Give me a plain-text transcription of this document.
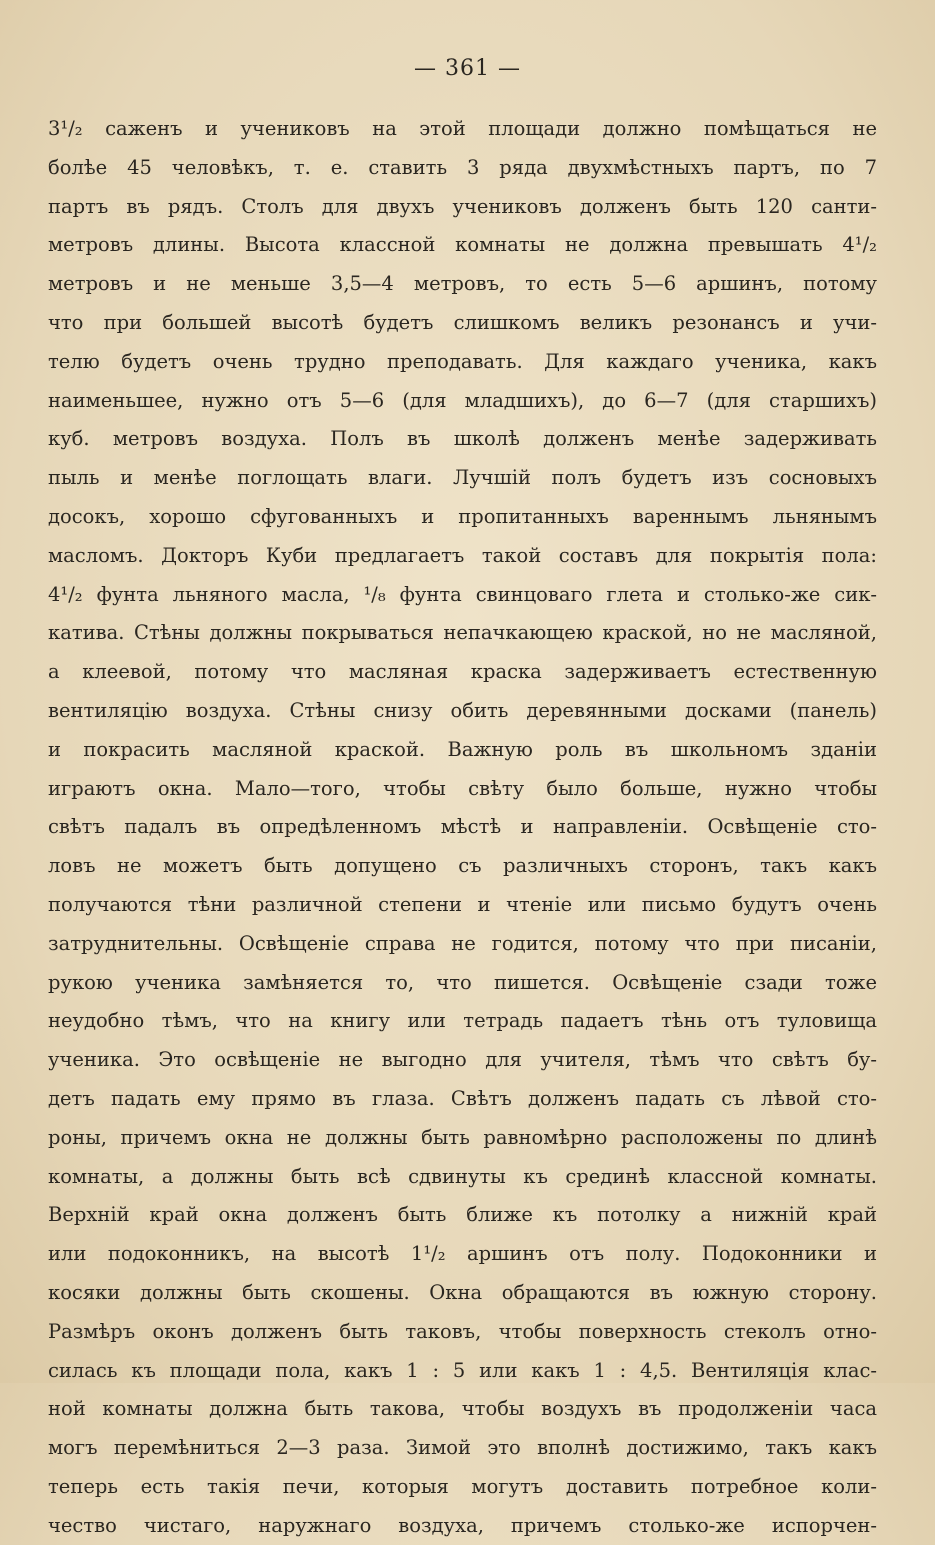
— 361 —
3¹/₂ саженъ и учениковъ на этой площади должно помѣщаться не
болѣе 45 человѣкъ, т. е. ставить 3 ряда двухмѣстныхъ партъ, по 7
партъ въ рядъ. Столъ для двухъ учениковъ долженъ быть 120 санти-
метровъ длины. Высота классной комнаты не должна превышать 4¹/₂
метровъ и не меньше 3,5—4 метровъ, то есть 5—6 аршинъ, потому
что при большей высотѣ будетъ слишкомъ великъ резонансъ и учи-
телю будетъ очень трудно преподавать. Для каждаго ученика, какъ
наименьшее, нужно отъ 5—6 (для младшихъ), до 6—7 (для старшихъ)
куб. метровъ воздуха. Полъ въ школѣ долженъ менѣе задерживать
пыль и менѣе поглощать влаги. Лучшій полъ будетъ изъ сосновыхъ
досокъ, хорошо сфугованныхъ и пропитанныхъ вареннымъ льнянымъ
масломъ. Докторъ Куби предлагаетъ такой составъ для покрытія пола:
4¹/₂ фунта льняного масла, ¹/₈ фунта свинцоваго глета и столько-же сик-
катива. Стѣны должны покрываться непачкающею краской, но не масляной,
а клеевой, потому что масляная краска задерживаетъ естественную
вентиляцію воздуха. Стѣны снизу обить деревянными досками (панель)
и покрасить масляной краской. Важную роль въ школьномъ зданіи
играютъ окна. Мало—того, чтобы свѣту было больше, нужно чтобы
свѣтъ падалъ въ опредѣленномъ мѣстѣ и направленіи. Освѣщеніе сто-
ловъ не можетъ быть допущено съ различныхъ сторонъ, такъ какъ
получаются тѣни различной степени и чтеніе или письмо будутъ очень
затруднительны. Освѣщеніе справа не годится, потому что при писаніи,
рукою ученика замѣняется то, что пишется. Освѣщеніе сзади тоже
неудобно тѣмъ, что на книгу или тетрадь падаетъ тѣнь отъ туловища
ученика. Это освѣщеніе не выгодно для учителя, тѣмъ что свѣтъ бу-
детъ падать ему прямо въ глаза. Свѣтъ долженъ падать съ лѣвой сто-
роны, причемъ окна не должны быть равномѣрно расположены по длинѣ
комнаты, а должны быть всѣ сдвинуты къ срединѣ классной комнаты.
Верхній край окна долженъ быть ближе къ потолку а нижній край
или подоконникъ, на высотѣ 1¹/₂ аршинъ отъ полу. Подоконники и
косяки должны быть скошены. Окна обращаются въ южную сторону.
Размѣръ оконъ долженъ быть таковъ, чтобы поверхность стеколъ отно-
силась къ площади пола, какъ 1 : 5 или какъ 1 : 4,5. Вентиляція клас-
ной комнаты должна быть такова, чтобы воздухъ въ продолженіи часа
могъ перемѣниться 2—3 раза. Зимой это вполнѣ достижимо, такъ какъ
теперь есть такія печи, которыя могутъ доставить потребное коли-
чество чистаго, наружнаго воздуха, причемъ столько-же испорчен-
